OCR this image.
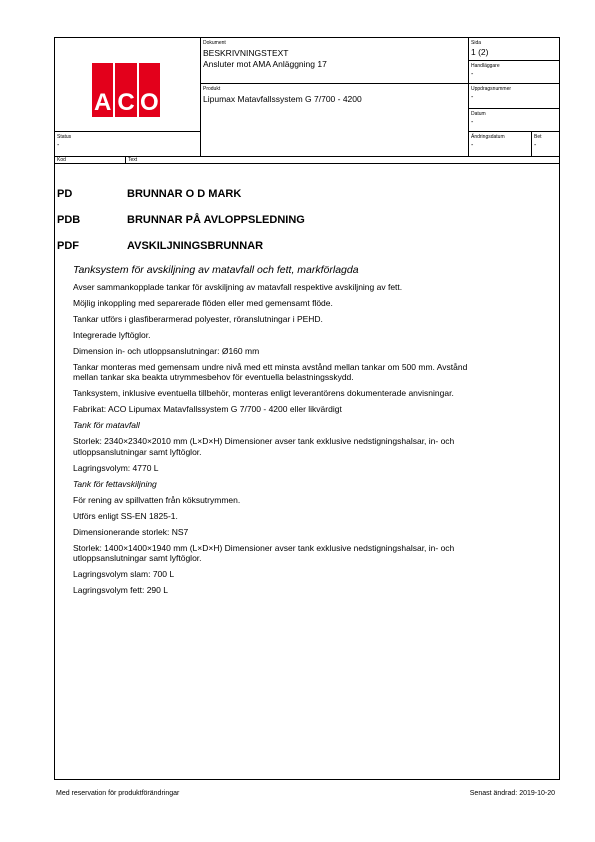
A C O
Dokument
BESKRIVNINGSTEXT
Ansluter mot AMA Anläggning 17
Produkt
Lipumax Matavfallssystem G 7/700 - 4200
Sida
1 (2)
Handläggare
-
Uppdragsnummer
-
Datum
-
Ändringsdatum
-
Bet
-
Status
-
Kod	Text
PD	BRUNNAR O D MARK
PDB	BRUNNAR PÅ AVLOPPSLEDNING
PDF	AVSKILJNINGSBRUNNAR

Tanksystem för avskiljning av matavfall och fett, markförlagda

Avser sammankopplade tankar för avskiljning av matavfall respektive avskiljning av fett.

Möjlig inkoppling med separerade flöden eller med gemensamt flöde.

Tankar utförs i glasfiberarmerad polyester, röranslutningar i PEHD.

Integrerade lyftöglor.

Dimension in- och utloppsanslutningar: Ø160 mm

Tankar monteras med gemensam undre nivå med ett minsta avstånd mellan tankar om 500 mm. Avstånd mellan tankar ska beakta utrymmesbehov för eventuella belastningsskydd.

Tanksystem, inklusive eventuella tillbehör, monteras enligt leverantörens dokumenterade anvisningar.

Fabrikat: ACO Lipumax Matavfallssystem G 7/700 - 4200 eller likvärdigt

Tank för matavfall

Storlek: 2340×2340×2010 mm (L×D×H) Dimensioner avser tank exklusive nedstigningshalsar, in- och utloppsanslutningar samt lyftöglor.

Lagringsvolym: 4770 L

Tank för fettavskiljning

För rening av spillvatten från köksutrymmen.

Utförs enligt SS-EN 1825-1.

Dimensionerande storlek: NS7

Storlek: 1400×1400×1940 mm (L×D×H) Dimensioner avser tank exklusive nedstigningshalsar, in- och utloppsanslutningar samt lyftöglor.

Lagringsvolym slam: 700 L

Lagringsvolym fett: 290 L

Med reservation för produktförändringar	Senast ändrad: 2019-10-20
